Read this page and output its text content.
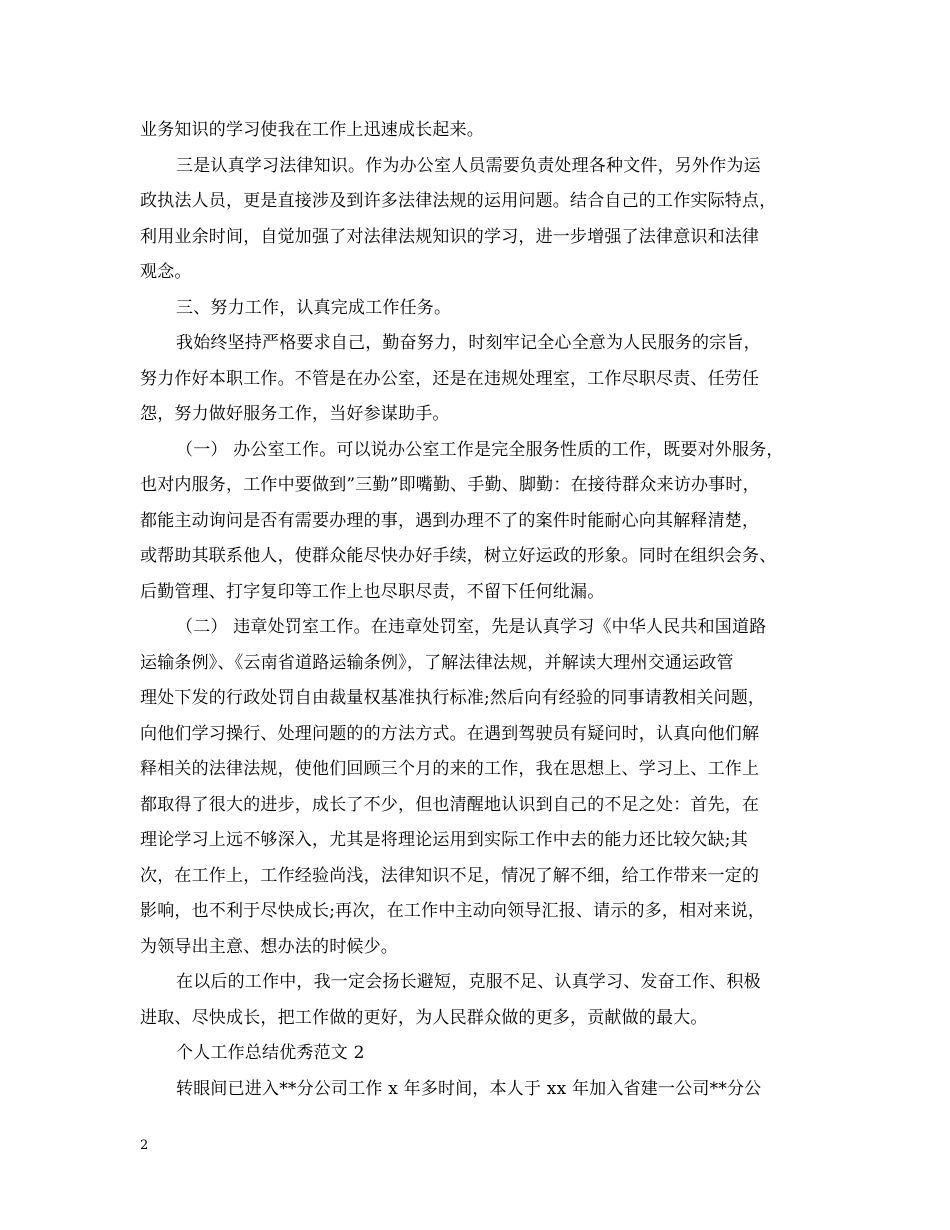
业务知识的学习使我在工作上迅速成长起来。
三是认真学习法律知识。作为办公室人员需要负责处理各种文件，另外作为运
政执法人员，更是直接涉及到许多法律法规的运用问题。结合自己的工作实际特点，
利用业余时间，自觉加强了对法律法规知识的学习，进一步增强了法律意识和法律
观念。
三、努力工作，认真完成工作任务。
我始终坚持严格要求自己，勤奋努力，时刻牢记全心全意为人民服务的宗旨，
努力作好本职工作。不管是在办公室，还是在违规处理室，工作尽职尽责、任劳任
怨，努力做好服务工作，当好参谋助手。
（一） 办公室工作。可以说办公室工作是完全服务性质的工作，既要对外服务，
也对内服务，工作中要做到”三勤”即嘴勤、手勤、脚勤：在接待群众来访办事时，
都能主动询问是否有需要办理的事，遇到办理不了的案件时能耐心向其解释清楚，
或帮助其联系他人，使群众能尽快办好手续，树立好运政的形象。同时在组织会务、
后勤管理、打字复印等工作上也尽职尽责，不留下任何纰漏。
（二） 违章处罚室工作。在违章处罚室，先是认真学习《中华人民共和国道路
运输条例》、《云南省道路运输条例》，了解法律法规，并解读大理州交通运政管
理处下发的行政处罚自由裁量权基准执行标准;然后向有经验的同事请教相关问题，
向他们学习操行、处理问题的的方法方式。在遇到驾驶员有疑问时，认真向他们解
释相关的法律法规，使他们回顾三个月的来的工作，我在思想上、学习上、工作上
都取得了很大的进步，成长了不少，但也清醒地认识到自己的不足之处：首先，在
理论学习上远不够深入，尤其是将理论运用到实际工作中去的能力还比较欠缺;其
次，在工作上，工作经验尚浅，法律知识不足，情况了解不细，给工作带来一定的
影响，也不利于尽快成长;再次，在工作中主动向领导汇报、请示的多，相对来说，
为领导出主意、想办法的时候少。
在以后的工作中，我一定会扬长避短，克服不足、认真学习、发奋工作、积极
进取、尽快成长，把工作做的更好，为人民群众做的更多，贡献做的最大。
个人工作总结优秀范文 2
转眼间已进入**分公司工作 x 年多时间，本人于 xx 年加入省建一公司**分公
2
